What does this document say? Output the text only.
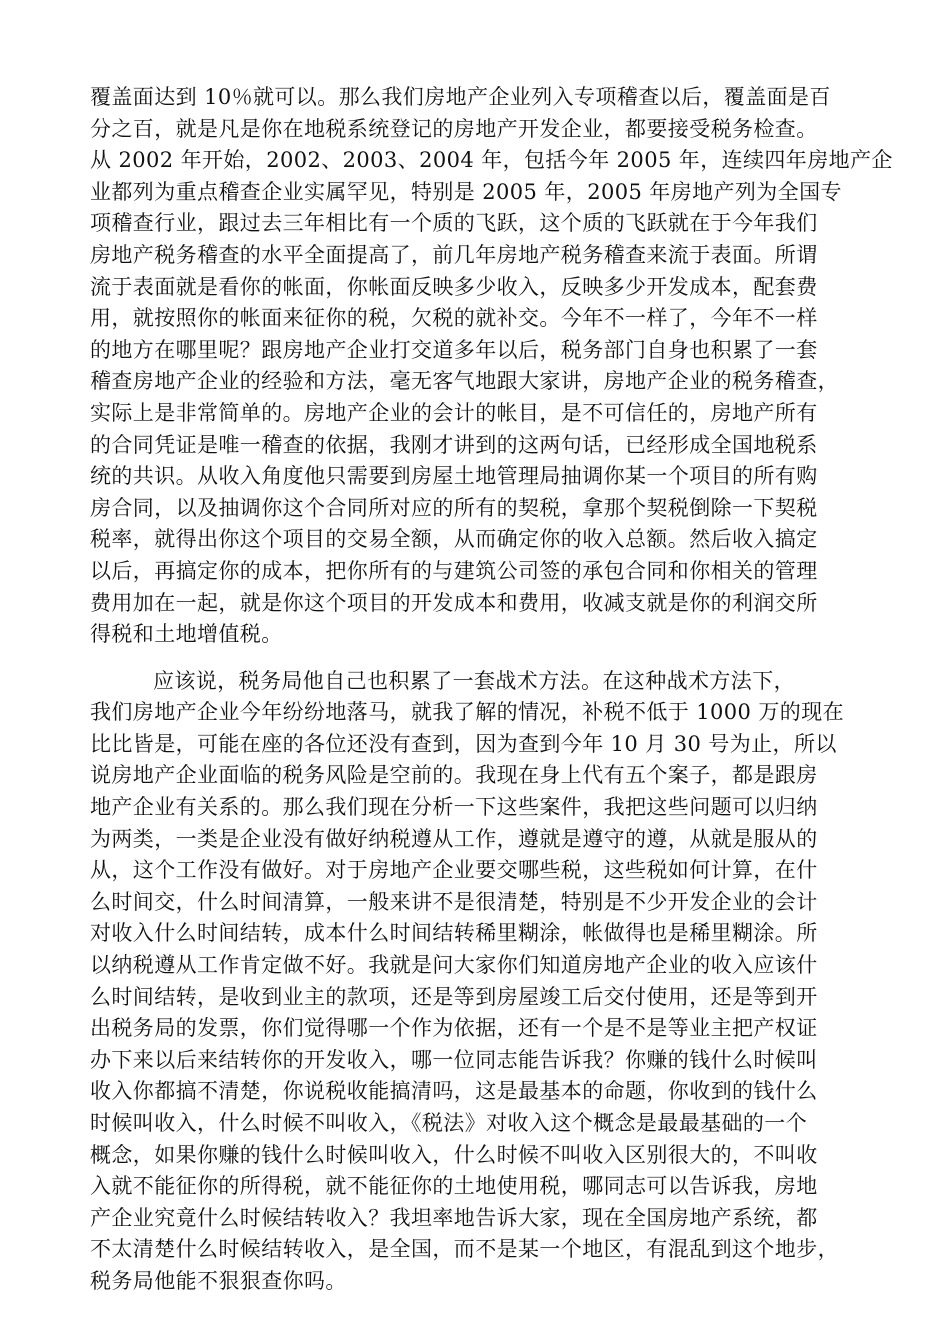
覆盖面达到 10％就可以。那么我们房地产企业列入专项稽查以后，覆盖面是百
分之百，就是凡是你在地税系统登记的房地产开发企业，都要接受税务检查。
从 2002 年开始，2002、2003、2004 年，包括今年 2005 年，连续四年房地产企
业都列为重点稽查企业实属罕见，特别是 2005 年，2005 年房地产列为全国专
项稽查行业，跟过去三年相比有一个质的飞跃，这个质的飞跃就在于今年我们
房地产税务稽查的水平全面提高了，前几年房地产税务稽查来流于表面。所谓
流于表面就是看你的帐面，你帐面反映多少收入，反映多少开发成本，配套费
用，就按照你的帐面来征你的税，欠税的就补交。今年不一样了，今年不一样
的地方在哪里呢？跟房地产企业打交道多年以后，税务部门自身也积累了一套
稽查房地产企业的经验和方法，毫无客气地跟大家讲，房地产企业的税务稽查，
实际上是非常简单的。房地产企业的会计的帐目，是不可信任的，房地产所有
的合同凭证是唯一稽查的依据，我刚才讲到的这两句话，已经形成全国地税系
统的共识。从收入角度他只需要到房屋土地管理局抽调你某一个项目的所有购
房合同，以及抽调你这个合同所对应的所有的契税，拿那个契税倒除一下契税
税率，就得出你这个项目的交易全额，从而确定你的收入总额。然后收入搞定
以后，再搞定你的成本，把你所有的与建筑公司签的承包合同和你相关的管理
费用加在一起，就是你这个项目的开发成本和费用，收减支就是你的利润交所
得税和土地增值税。

应该说，税务局他自己也积累了一套战术方法。在这种战术方法下，
我们房地产企业今年纷纷地落马，就我了解的情况，补税不低于 1000 万的现在
比比皆是，可能在座的各位还没有查到，因为查到今年 10 月 30 号为止，所以
说房地产企业面临的税务风险是空前的。我现在身上代有五个案子，都是跟房
地产企业有关系的。那么我们现在分析一下这些案件，我把这些问题可以归纳
为两类，一类是企业没有做好纳税遵从工作，遵就是遵守的遵，从就是服从的
从，这个工作没有做好。对于房地产企业要交哪些税，这些税如何计算，在什
么时间交，什么时间清算，一般来讲不是很清楚，特别是不少开发企业的会计
对收入什么时间结转，成本什么时间结转稀里糊涂，帐做得也是稀里糊涂。所
以纳税遵从工作肯定做不好。我就是问大家你们知道房地产企业的收入应该什
么时间结转，是收到业主的款项，还是等到房屋竣工后交付使用，还是等到开
出税务局的发票，你们觉得哪一个作为依据，还有一个是不是等业主把产权证
办下来以后来结转你的开发收入，哪一位同志能告诉我？你赚的钱什么时候叫
收入你都搞不清楚，你说税收能搞清吗，这是最基本的命题，你收到的钱什么
时候叫收入，什么时候不叫收入，《税法》对收入这个概念是最最基础的一个
概念，如果你赚的钱什么时候叫收入，什么时候不叫收入区别很大的，不叫收
入就不能征你的所得税，就不能征你的土地使用税，哪同志可以告诉我，房地
产企业究竟什么时候结转收入？我坦率地告诉大家，现在全国房地产系统，都
不太清楚什么时候结转收入，是全国，而不是某一个地区，有混乱到这个地步，
税务局他能不狠狠查你吗。
